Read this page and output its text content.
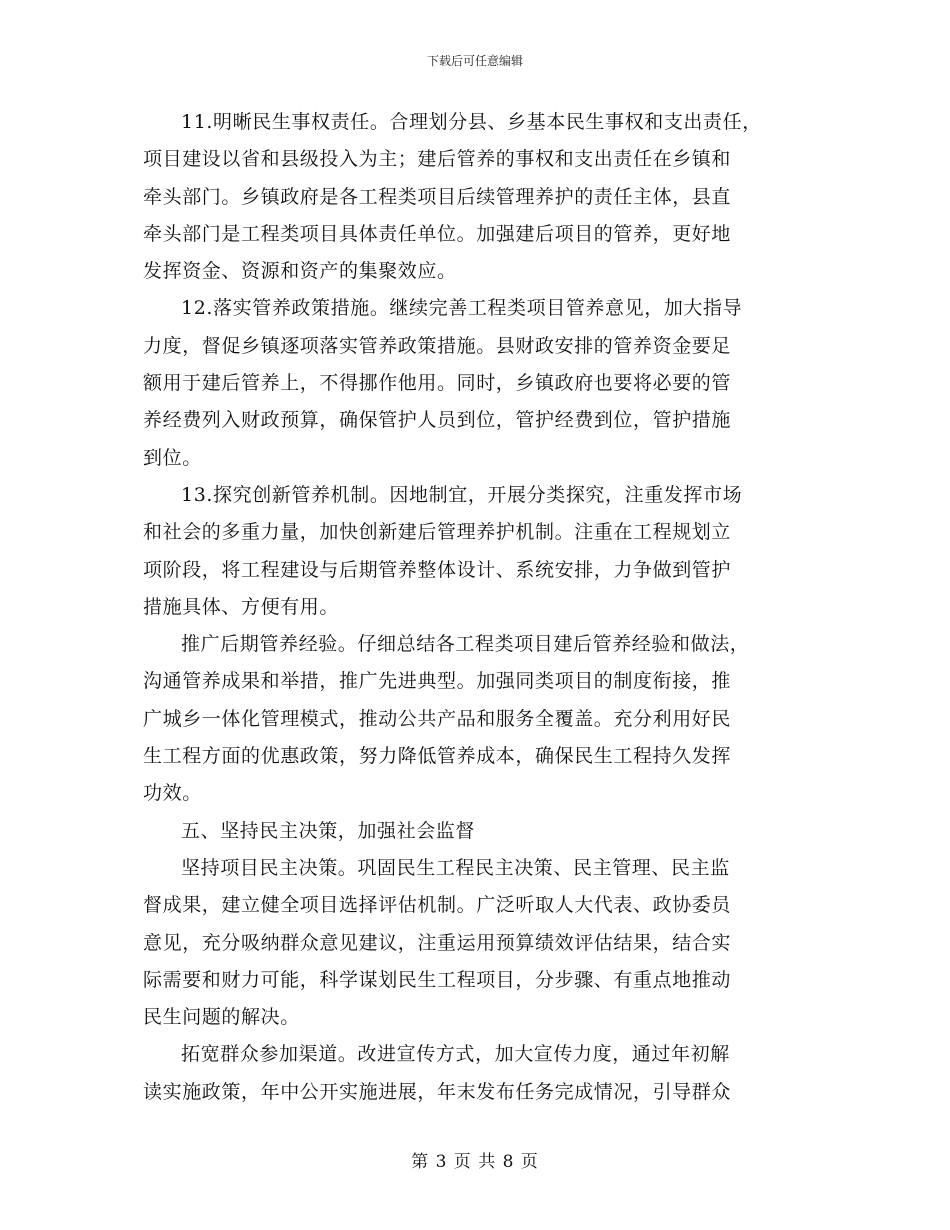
下载后可任意编辑
11.明晰民生事权责任。合理划分县、乡基本民生事权和支出责任，
项目建设以省和县级投入为主；建后管养的事权和支出责任在乡镇和
牵头部门。乡镇政府是各工程类项目后续管理养护的责任主体，县直
牵头部门是工程类项目具体责任单位。加强建后项目的管养，更好地
发挥资金、资源和资产的集聚效应。
12.落实管养政策措施。继续完善工程类项目管养意见，加大指导
力度，督促乡镇逐项落实管养政策措施。县财政安排的管养资金要足
额用于建后管养上，不得挪作他用。同时，乡镇政府也要将必要的管
养经费列入财政预算，确保管护人员到位，管护经费到位，管护措施
到位。
13.探究创新管养机制。因地制宜，开展分类探究，注重发挥市场
和社会的多重力量，加快创新建后管理养护机制。注重在工程规划立
项阶段，将工程建设与后期管养整体设计、系统安排，力争做到管护
措施具体、方便有用。
推广后期管养经验。仔细总结各工程类项目建后管养经验和做法，
沟通管养成果和举措，推广先进典型。加强同类项目的制度衔接，推
广城乡一体化管理模式，推动公共产品和服务全覆盖。充分利用好民
生工程方面的优惠政策，努力降低管养成本，确保民生工程持久发挥
功效。
五、坚持民主决策，加强社会监督
坚持项目民主决策。巩固民生工程民主决策、民主管理、民主监
督成果，建立健全项目选择评估机制。广泛听取人大代表、政协委员
意见，充分吸纳群众意见建议，注重运用预算绩效评估结果，结合实
际需要和财力可能，科学谋划民生工程项目，分步骤、有重点地推动
民生问题的解决。
拓宽群众参加渠道。改进宣传方式，加大宣传力度，通过年初解
读实施政策，年中公开实施进展，年末发布任务完成情况，引导群众
第 3 页 共 8 页
